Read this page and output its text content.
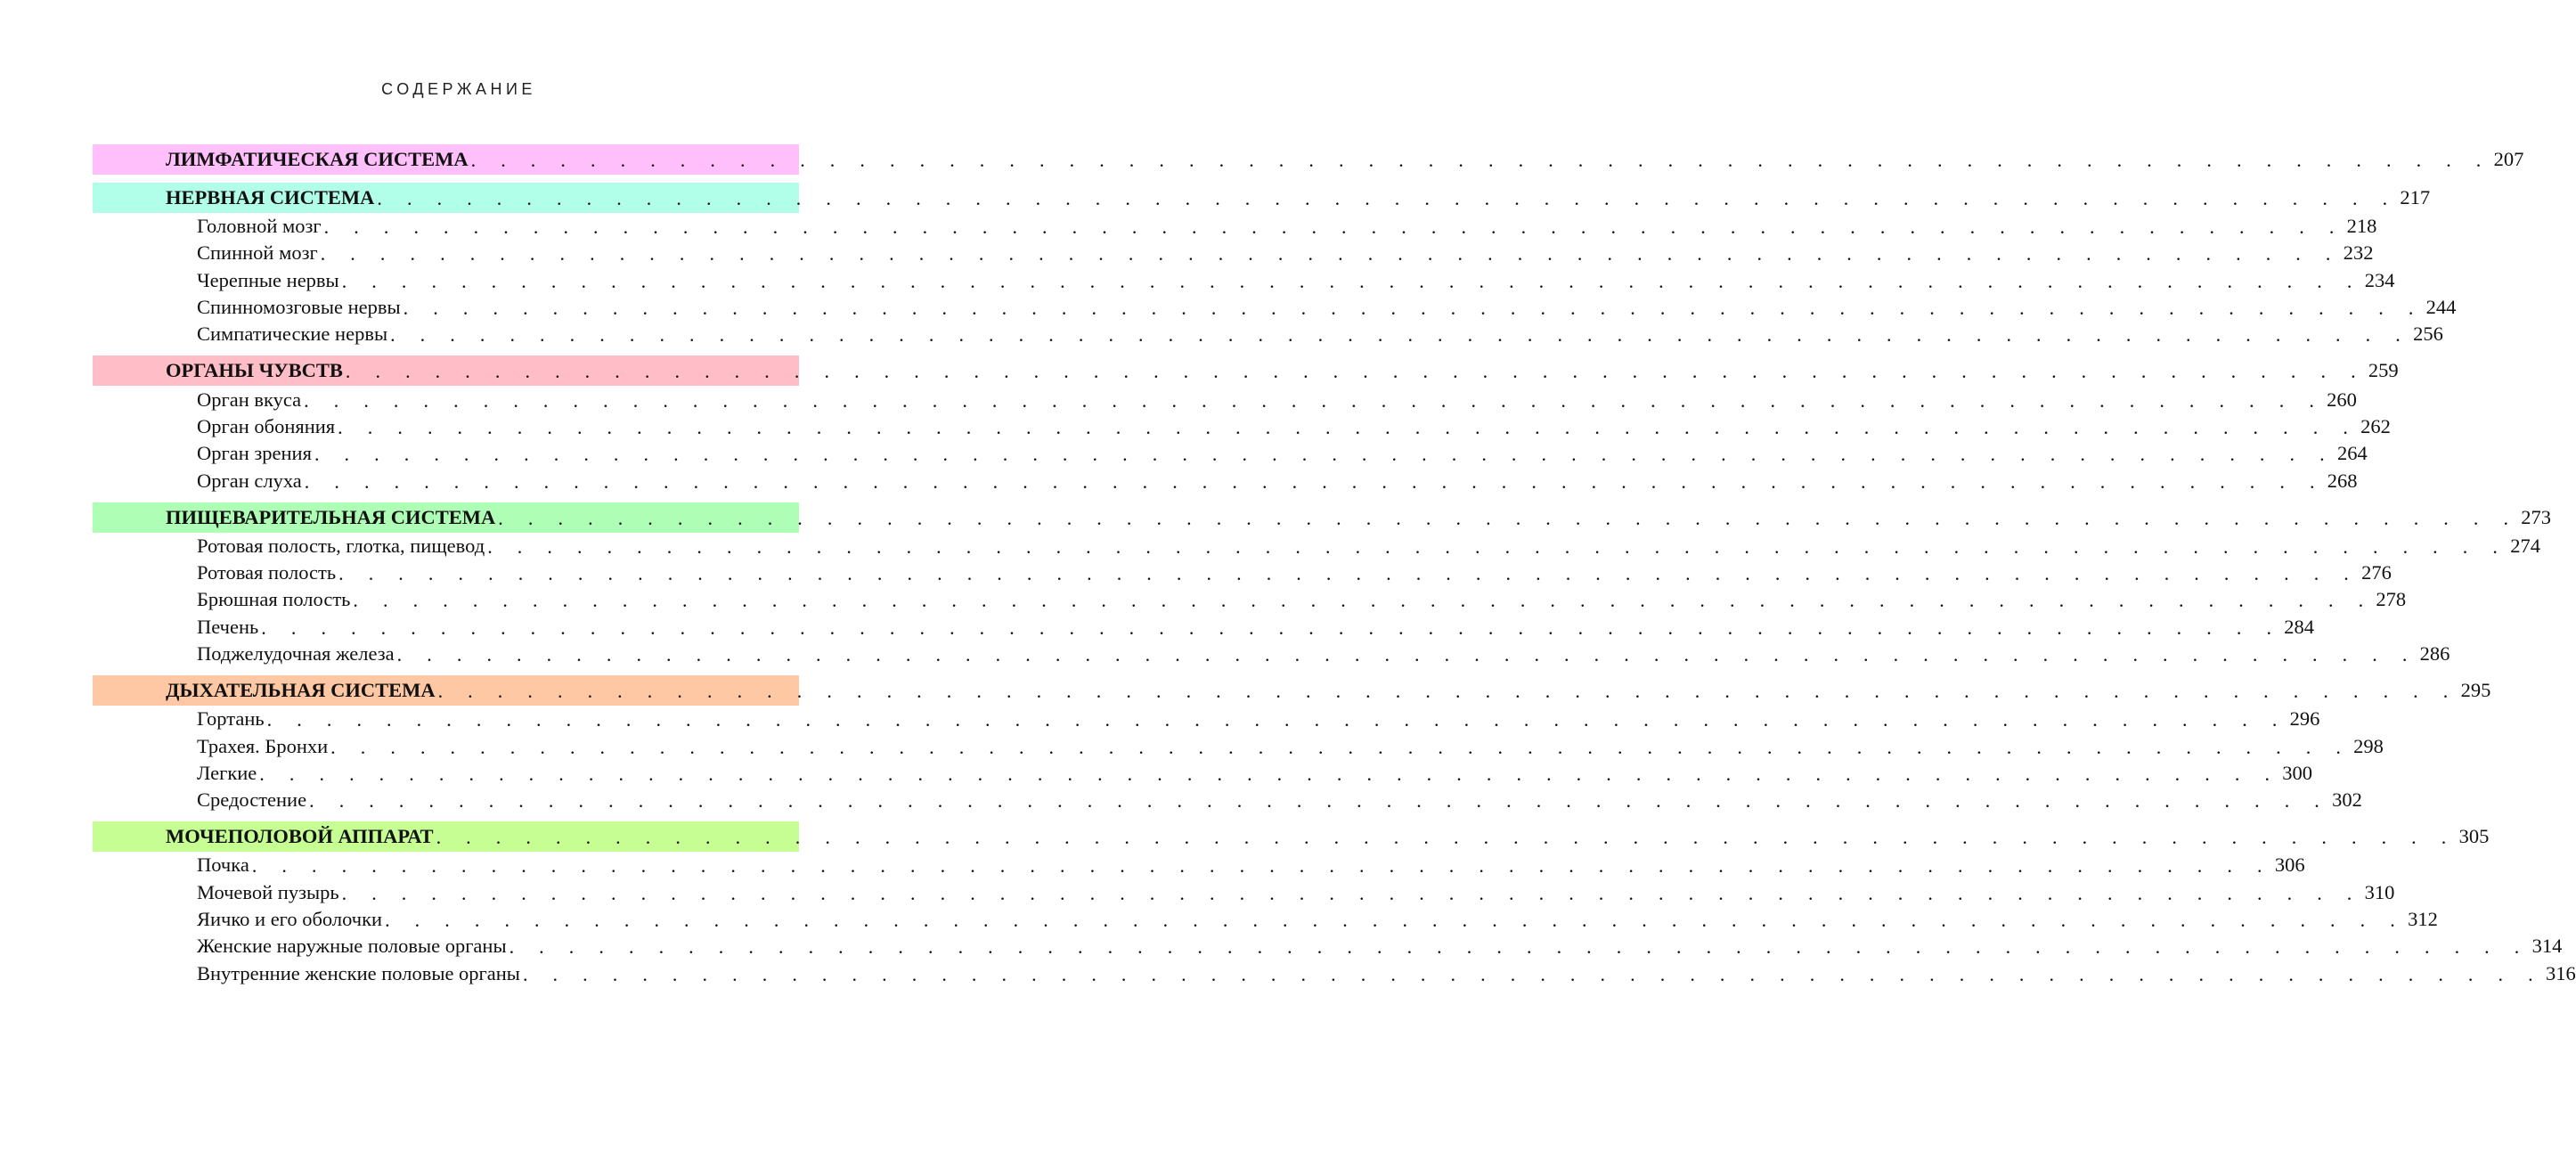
СОДЕРЖАНИЕ
ЛИМФАТИЧЕСКАЯ СИСТЕМА . . . . . . . . . . . . . . . . . . . . . . . . . . . . . . . . . . . . . . . . . . . . . . . . . . . . . . . . . . . . . . . . . . . . 207
НЕРВНАЯ СИСТЕМА . . . . . . . . . . . . . . . . . . . . . . . . . . . . . . . . . . . . . . . . . . . . . . . . . . . . . . . . . . . . . . . . . . . . 217
Головной мозг . . . . . . . . . . . . . . . . . . . . . . . . . . . . . . . . . . . . . . . . . . . . . . . . . . . . . . . . . . . . . . . . . . . . 218
Спинной мозг . . . . . . . . . . . . . . . . . . . . . . . . . . . . . . . . . . . . . . . . . . . . . . . . . . . . . . . . . . . . . . . . . . . . 232
Черепные нервы . . . . . . . . . . . . . . . . . . . . . . . . . . . . . . . . . . . . . . . . . . . . . . . . . . . . . . . . . . . . . . . . . . . . 234
Спинномозговые нервы . . . . . . . . . . . . . . . . . . . . . . . . . . . . . . . . . . . . . . . . . . . . . . . . . . . . . . . . . . . . . . . . . . . . 244
Симпатические нервы . . . . . . . . . . . . . . . . . . . . . . . . . . . . . . . . . . . . . . . . . . . . . . . . . . . . . . . . . . . . . . . . . . . . 256
ОРГАНЫ ЧУВСТВ . . . . . . . . . . . . . . . . . . . . . . . . . . . . . . . . . . . . . . . . . . . . . . . . . . . . . . . . . . . . . . . . . . . . 259
Орган вкуса . . . . . . . . . . . . . . . . . . . . . . . . . . . . . . . . . . . . . . . . . . . . . . . . . . . . . . . . . . . . . . . . . . . . 260
Орган обоняния . . . . . . . . . . . . . . . . . . . . . . . . . . . . . . . . . . . . . . . . . . . . . . . . . . . . . . . . . . . . . . . . . . . . 262
Орган зрения . . . . . . . . . . . . . . . . . . . . . . . . . . . . . . . . . . . . . . . . . . . . . . . . . . . . . . . . . . . . . . . . . . . . 264
Орган слуха . . . . . . . . . . . . . . . . . . . . . . . . . . . . . . . . . . . . . . . . . . . . . . . . . . . . . . . . . . . . . . . . . . . . 268
ПИЩЕВАРИТЕЛЬНАЯ СИСТЕМА . . . . . . . . . . . . . . . . . . . . . . . . . . . . . . . . . . . . . . . . . . . . . . . . . . . . . . . . . . . . . . . . . . . . 273
Ротовая полость, глотка, пищевод . . . . . . . . . . . . . . . . . . . . . . . . . . . . . . . . . . . . . . . . . . . . . . . . . . . . . . . . . . . . . . . . . . . . 274
Ротовая полость . . . . . . . . . . . . . . . . . . . . . . . . . . . . . . . . . . . . . . . . . . . . . . . . . . . . . . . . . . . . . . . . . . . . 276
Брюшная полость . . . . . . . . . . . . . . . . . . . . . . . . . . . . . . . . . . . . . . . . . . . . . . . . . . . . . . . . . . . . . . . . . . . . 278
Печень . . . . . . . . . . . . . . . . . . . . . . . . . . . . . . . . . . . . . . . . . . . . . . . . . . . . . . . . . . . . . . . . . . . . 284
Поджелудочная железа . . . . . . . . . . . . . . . . . . . . . . . . . . . . . . . . . . . . . . . . . . . . . . . . . . . . . . . . . . . . . . . . . . . . 286
ДЫХАТЕЛЬНАЯ СИСТЕМА . . . . . . . . . . . . . . . . . . . . . . . . . . . . . . . . . . . . . . . . . . . . . . . . . . . . . . . . . . . . . . . . . . . . 295
Гортань . . . . . . . . . . . . . . . . . . . . . . . . . . . . . . . . . . . . . . . . . . . . . . . . . . . . . . . . . . . . . . . . . . . . 296
Трахея. Бронхи . . . . . . . . . . . . . . . . . . . . . . . . . . . . . . . . . . . . . . . . . . . . . . . . . . . . . . . . . . . . . . . . . . . . 298
Легкие . . . . . . . . . . . . . . . . . . . . . . . . . . . . . . . . . . . . . . . . . . . . . . . . . . . . . . . . . . . . . . . . . . . . 300
Средостение . . . . . . . . . . . . . . . . . . . . . . . . . . . . . . . . . . . . . . . . . . . . . . . . . . . . . . . . . . . . . . . . . . . . 302
МОЧЕПОЛОВОЙ АППАРАТ . . . . . . . . . . . . . . . . . . . . . . . . . . . . . . . . . . . . . . . . . . . . . . . . . . . . . . . . . . . . . . . . . . . . 305
Почка . . . . . . . . . . . . . . . . . . . . . . . . . . . . . . . . . . . . . . . . . . . . . . . . . . . . . . . . . . . . . . . . . . . . 306
Мочевой пузырь . . . . . . . . . . . . . . . . . . . . . . . . . . . . . . . . . . . . . . . . . . . . . . . . . . . . . . . . . . . . . . . . . . . . 310
Яичко и его оболочки . . . . . . . . . . . . . . . . . . . . . . . . . . . . . . . . . . . . . . . . . . . . . . . . . . . . . . . . . . . . . . . . . . . . 312
Женские наружные половые органы . . . . . . . . . . . . . . . . . . . . . . . . . . . . . . . . . . . . . . . . . . . . . . . . . . . . . . . . . . . . . . . . . . . . 314
Внутренние женские половые органы . . . . . . . . . . . . . . . . . . . . . . . . . . . . . . . . . . . . . . . . . . . . . . . . . . . . . . . . . . . . . . . . . . . . 316
